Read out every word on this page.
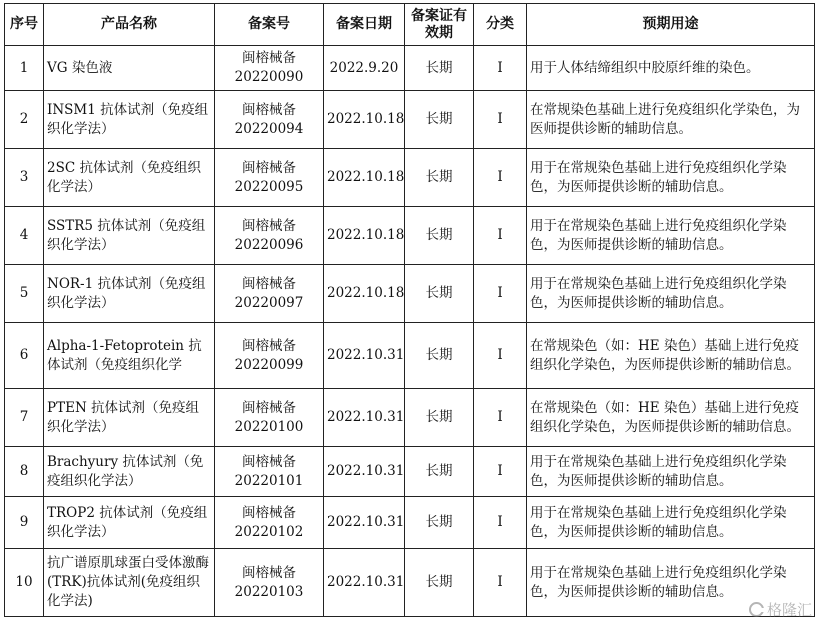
序号	产品名称	备案号	备案日期	备案证有效期	分类	预期用途
1	VG 染色液	闽榕械备20220090	2022.9.20	长期	I	用于人体结缔组织中胶原纤维的染色。
2	INSM1 抗体试剂（免疫组织化学法）	闽榕械备20220094	2022.10.18	长期	I	在常规染色基础上进行免疫组织化学染色，为医师提供诊断的辅助信息。
3	2SC 抗体试剂（免疫组织化学法）	闽榕械备20220095	2022.10.18	长期	I	用于在常规染色基础上进行免疫组织化学染色，为医师提供诊断的辅助信息。
4	SSTR5 抗体试剂（免疫组织化学法）	闽榕械备20220096	2022.10.18	长期	I	用于在常规染色基础上进行免疫组织化学染色，为医师提供诊断的辅助信息。
5	NOR-1 抗体试剂（免疫组织化学法）	闽榕械备20220097	2022.10.18	长期	I	用于在常规染色基础上进行免疫组织化学染色，为医师提供诊断的辅助信息。
6	Alpha-1-Fetoprotein 抗体试剂（免疫组织化学	闽榕械备20220099	2022.10.31	长期	I	在常规染色（如：HE 染色）基础上进行免疫组织化学染色，为医师提供诊断的辅助信息。
7	PTEN 抗体试剂（免疫组织化学法）	闽榕械备20220100	2022.10.31	长期	I	在常规染色（如：HE 染色）基础上进行免疫组织化学染色，为医师提供诊断的辅助信息。
8	Brachyury 抗体试剂（免疫组织化学法）	闽榕械备20220101	2022.10.31	长期	I	用于在常规染色基础上进行免疫组织化学染色，为医师提供诊断的辅助信息。
9	TROP2 抗体试剂（免疫组织化学法）	闽榕械备20220102	2022.10.31	长期	I	用于在常规染色基础上进行免疫组织化学染色，为医师提供诊断的辅助信息。
10	抗广谱原肌球蛋白受体激酶(TRK)抗体试剂(免疫组织化学法)	闽榕械备20220103	2022.10.31	长期	I	用于在常规染色基础上进行免疫组织化学染色，为医师提供诊断的辅助信息。
格隆汇
